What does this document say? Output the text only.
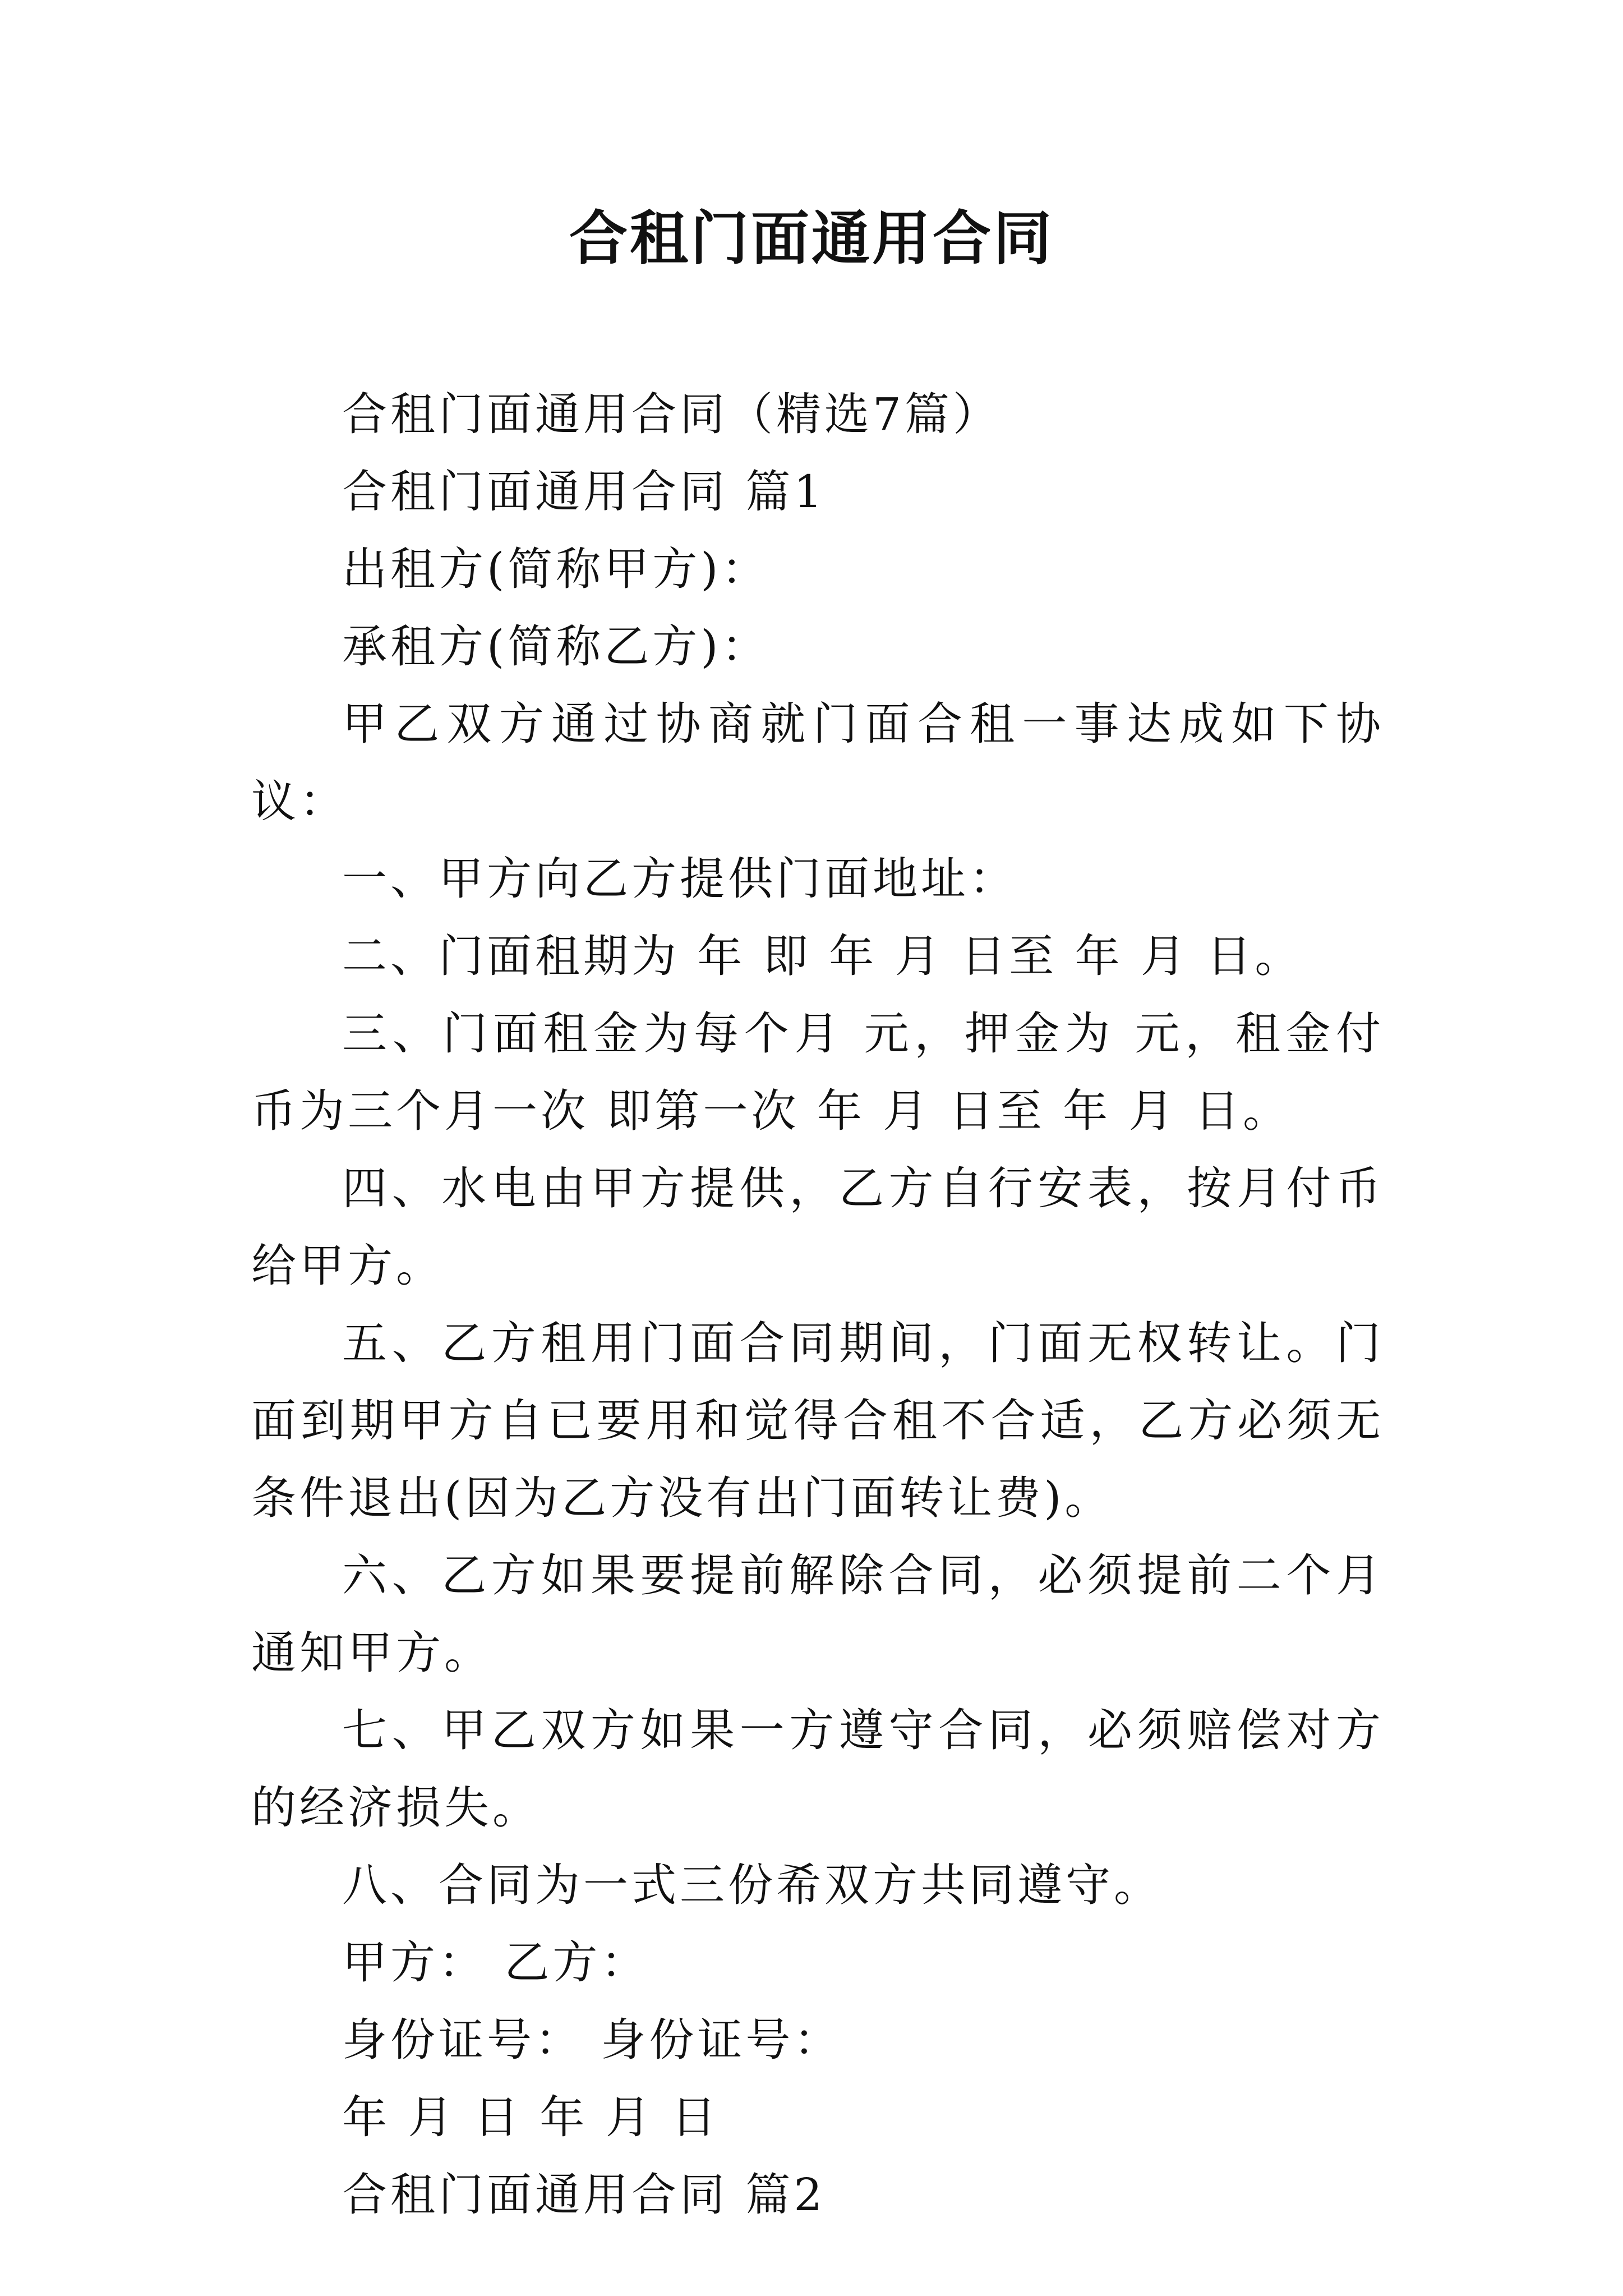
合租门面通用合同

合租门面通用合同（精选7篇）

合租门面通用合同 篇1

出租方(简称甲方)：

承租方(简称乙方)：

甲乙双方通过协商就门面合租一事达成如下协议：

一、甲方向乙方提供门面地址：

二、门面租期为 年 即 年 月 日至 年 月 日。

三、门面租金为每个月 元，押金为 元，租金付币为三个月一次 即第一次 年 月 日至 年 月 日。

四、水电由甲方提供，乙方自行安表，按月付币给甲方。

五、乙方租用门面合同期间，门面无权转让。门面到期甲方自已要用和觉得合租不合适，乙方必须无条件退出(因为乙方没有出门面转让费)。

六、乙方如果要提前解除合同，必须提前二个月通知甲方。

七、甲乙双方如果一方遵守合同，必须赔偿对方的经济损失。

八、合同为一式三份希双方共同遵守。

甲方： 乙方：

身份证号： 身份证号：

年 月 日 年 月 日

合租门面通用合同 篇2
